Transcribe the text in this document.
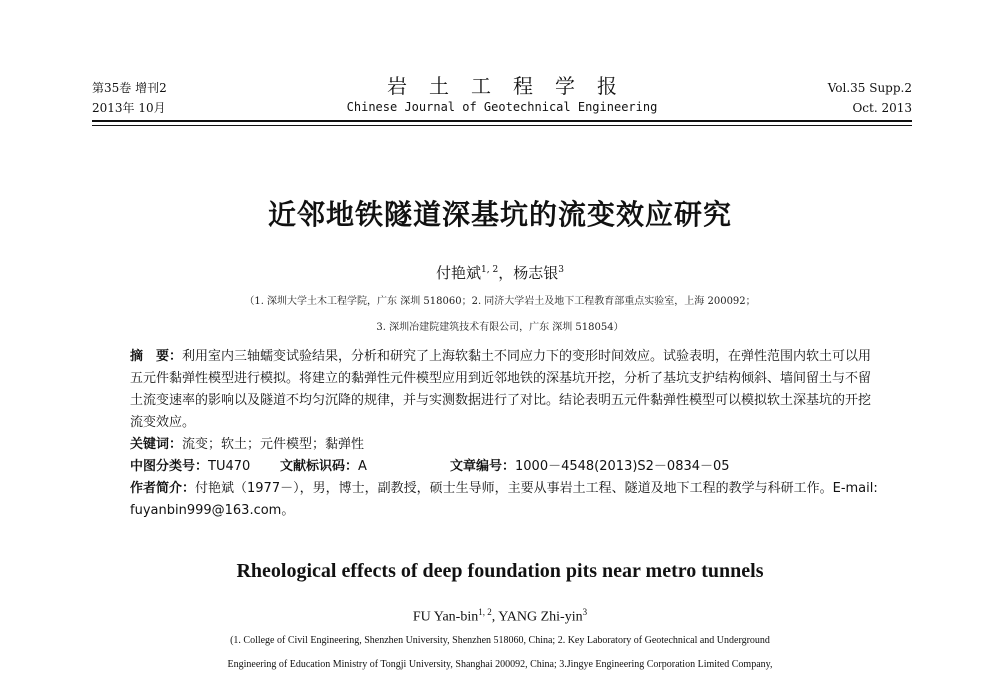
第35卷 增刊2
2013年 10月
岩土工程学报
Chinese Journal of Geotechnical Engineering
Vol.35 Supp.2
Oct. 2013
近邻地铁隧道深基坑的流变效应研究
付艳斌$^{1, 2}$，杨志银$^3$
（1. 深圳大学土木工程学院，广东 深圳 518060；2. 同济大学岩土及地下工程教育部重点实验室，上海 200092；
3. 深圳冶建院建筑技术有限公司，广东 深圳 518054）

摘　要：利用室内三轴蠕变试验结果，分析和研究了上海软黏土不同应力下的变形时间效应。试验表明，在弹性范围内软土可以用五元件黏弹性模型进行模拟。将建立的黏弹性元件模型应用到近邻地铁的深基坑开挖，分析了基坑支护结构倾斜、墙间留土与不留土流变速率的影响以及隧道不均匀沉降的规律，并与实测数据进行了对比。结论表明五元件黏弹性模型可以模拟软土深基坑的开挖流变效应。

关键词：流变；软土；元件模型；黏弹性

中图分类号：TU470 文献标识码：A	文章编号：1000－4548(2013)S2－0834－05

作者简介：付艳斌（1977－），男，博士，副教授，硕士生导师，主要从事岩土工程、隧道及地下工程的教学与科研工作。E-mail: fuyanbin999@163.com。

Rheological effects of deep foundation pits near metro tunnels
FU Yan-bin$^{1, 2}$, YANG Zhi-yin$^3$
(1. College of Civil Engineering, Shenzhen University, Shenzhen 518060, China; 2. Key Laboratory of Geotechnical and Underground
Engineering of Education Ministry of Tongji University, Shanghai 200092, China; 3.Jingye Engineering Corporation Limited Company,
